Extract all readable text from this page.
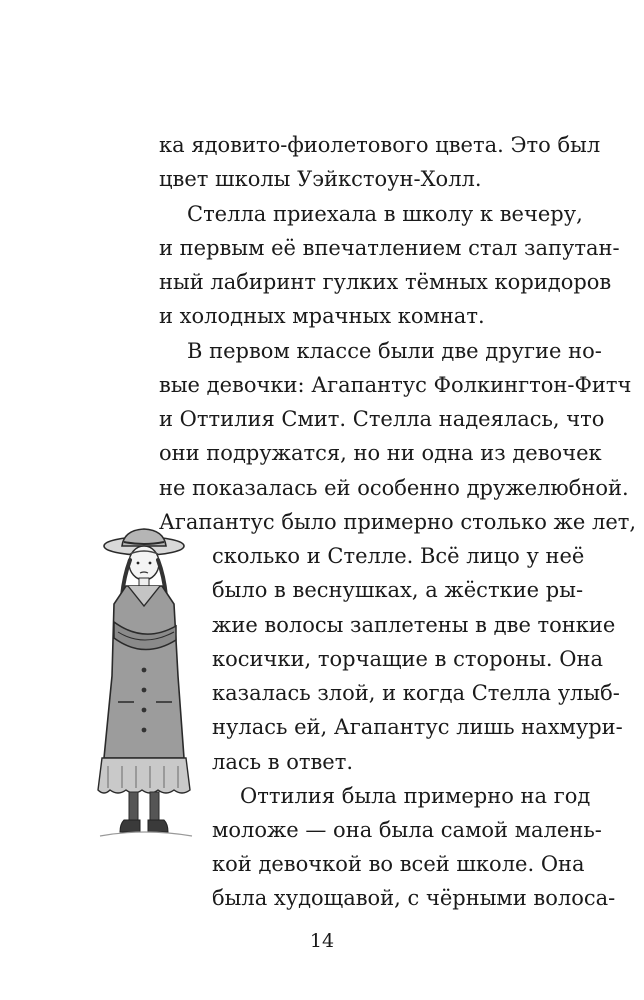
ка ядовито-фиолетового цвета. Это был
цвет школы Уэйкстоун-Холл.
Стелла приехала в школу к вечеру,
и первым её впечатлением стал запутан-
ный лабиринт гулких тёмных коридоров
и холодных мрачных комнат.
В первом классе были две другие но-
вые девочки: Агапантус Фолкингтон-Фитч
и Оттилия Смит. Стелла надеялась, что
они подружатся, но ни одна из девочек
не показалась ей особенно дружелюбной.
Агапантус было примерно столько же лет,
сколько и Стелле. Всё лицо у неё
было в веснушках, а жёсткие ры-
жие волосы заплетены в две тонкие
косички, торчащие в стороны. Она
казалась злой, и когда Стелла улыб-
нулась ей, Агапантус лишь нахмури-
лась в ответ.
Оттилия была примерно на год
моложе — она была самой малень-
кой девочкой во всей школе. Она
была худощавой, с чёрными волоса-
14
